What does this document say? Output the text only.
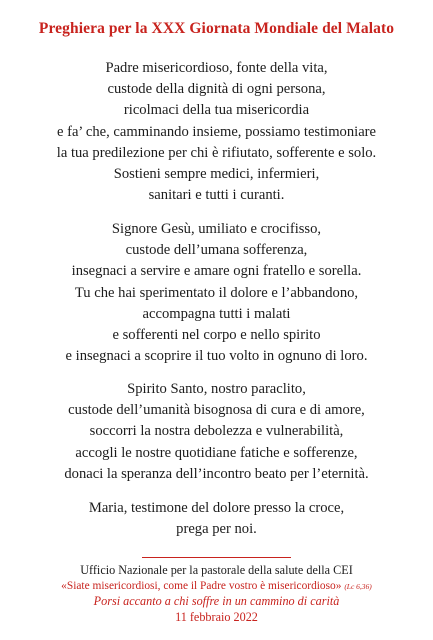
Preghiera per la XXX Giornata Mondiale del Malato
Padre misericordioso, fonte della vita,
custode della dignità di ogni persona,
ricolmaci della tua misericordia
e fa’ che, camminando insieme, possiamo testimoniare
la tua predilezione per chi è rifiutato, sofferente e solo.
Sostieni sempre medici, infermieri,
sanitari e tutti i curanti.
Signore Gesù, umiliato e crocifisso,
custode dell’umana sofferenza,
insegnaci a servire e amare ogni fratello e sorella.
Tu che hai sperimentato il dolore e l’abbandono,
accompagna tutti i malati
e sofferenti nel corpo e nello spirito
e insegnaci a scoprire il tuo volto in ognuno di loro.
Spirito Santo, nostro paraclito,
custode dell’umanità bisognosa di cura e di amore,
soccorri la nostra debolezza e vulnerabilità,
accogli le nostre quotidiane fatiche e sofferenze,
donaci la speranza dell’incontro beato per l’eternità.
Maria, testimone del dolore presso la croce,
prega per noi.
Ufficio Nazionale per la pastorale della salute della CEI
«Siate misericordiosi, come il Padre vostro è misericordioso» (Lc 6,36)
Porsi accanto a chi soffre in un cammino di carità
11 febbraio 2022
